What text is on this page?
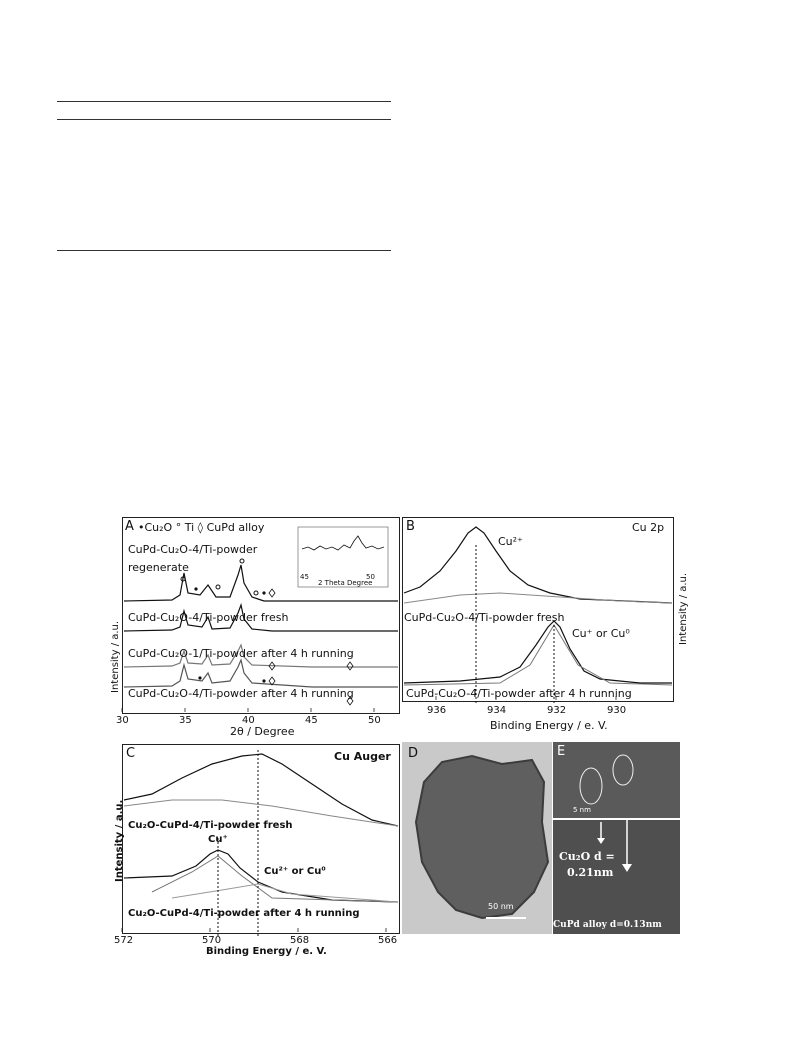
A •Cu₂O ° Ti ◊ CuPd alloy
45	50
2 Theta Degree
CuPd-Cu₂O-4/Ti-powder
regenerate
CuPd-Cu₂O-4/Ti-powder fresh
CuPd-Cu₂O-1/Ti-powder after 4 h running
CuPd-Cu₂O-4/Ti-powder after 4 h running
30	35	40	45	50
2θ / Degree
Intensity / a.u.
B	Cu 2p
Cu²⁺
CuPd-Cu₂O-4/Ti-powder fresh
Cu⁺ or Cu⁰
CuPd-Cu₂O-4/Ti-powder after 4 h running
936	934	932	930
Binding Energy / e. V.
Intensity / a.u.
C	Cu Auger
Cu₂O-CuPd-4/Ti-powder fresh
Cu⁺
Cu²⁺ or Cu⁰
Cu₂O-CuPd-4/Ti-powder after 4 h running
572	570	568	566
Binding Energy / e. V.
Intensity / a.u.
D
50 nm
E
5 nm
Cu₂O d =
0.21nm
CuPd alloy d=0.13nm
